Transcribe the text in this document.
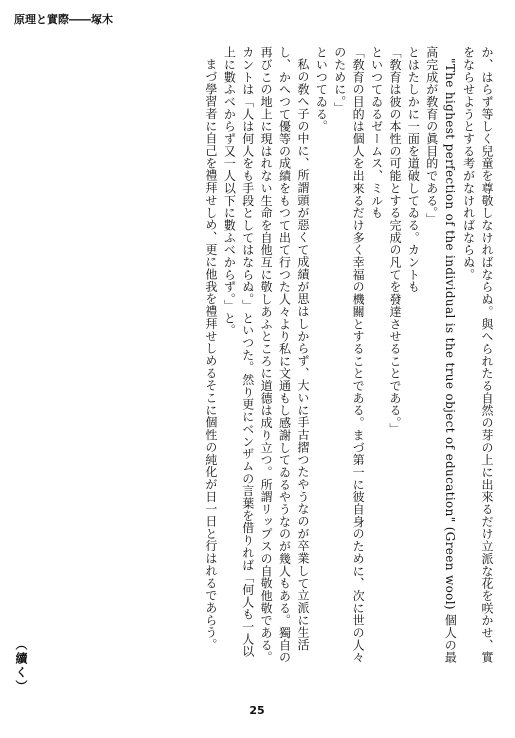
原理と實際――塚木

か、はらず等しく兒童を尊敬しなければならぬ。與へられたる自然の芽の上に出來るだけ立派な花を咲かせ、實をならせようとする考がなければならぬ。

"The highest perfection of the individual is the true object of education" (Green wool) 個人の最高完成が敎育の眞目的である。」

とはたしかに一面を道破してゐる。カントも

「敎育は彼の本性の可能とする完成の凡てを發達させることである。」

といつてゐるゼームス、ミルも

「敎育の目的は個人を出來るだけ多く幸福の機關とすることである。まづ第一に彼自身のために、次に世の人々のために。」

といつてゐる。

私の敎へ子の中に、所謂頭が惡くて成績が思はしからず、大いに手古摺つたやうなのが卒業して立派に生活し、かへつて優等の成績をもつて出て行つた人々より私に文通もし感謝してゐるやうなのが幾人もある。獨自の再びこの地上に現はれない生命を自他互に敬しあふところに道德は成り立つ。所謂リップスの自敬他敬である。カントは「人は何人をも手段としてはならぬ。」といつた。然り更にベンザムの言葉を借りれば「何人も一人以上に數ふべからず又一人以下に數ふべからず。」と。

まづ學習者に自己を禮拜せしめ、更に他我を禮拜せしめるそこに個性の純化が日一日と行はれるであらう。

（續く）
25
